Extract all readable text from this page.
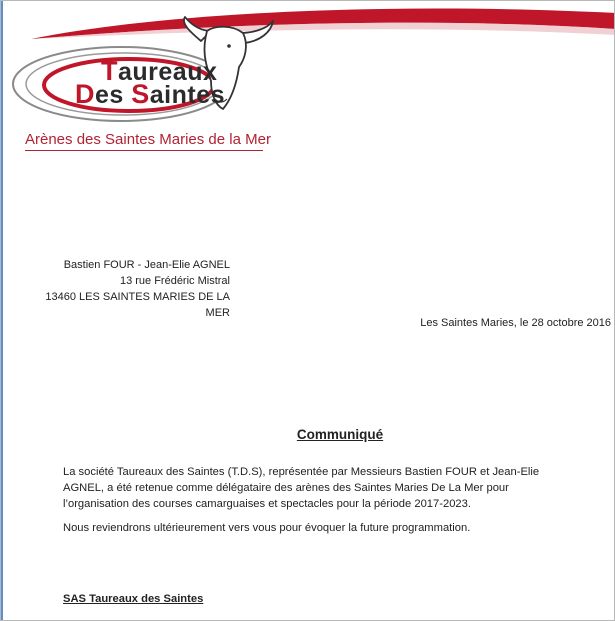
Taureaux
Des Saintes
Arènes des Saintes Maries de la Mer
Bastien FOUR - Jean-Elie AGNEL
13 rue Frédéric Mistral
13460 LES SAINTES MARIES DE LA MER
Les Saintes Maries, le 28 octobre 2016
Communiqué
La société Taureaux des Saintes (T.D.S), représentée par Messieurs Bastien FOUR et Jean-Elie AGNEL, a été retenue comme délégataire des arènes des Saintes Maries De La Mer pour l’organisation des courses camarguaises et spectacles pour la période 2017-2023.
Nous reviendrons ultérieurement vers vous pour évoquer la future programmation.
SAS Taureaux des Saintes
